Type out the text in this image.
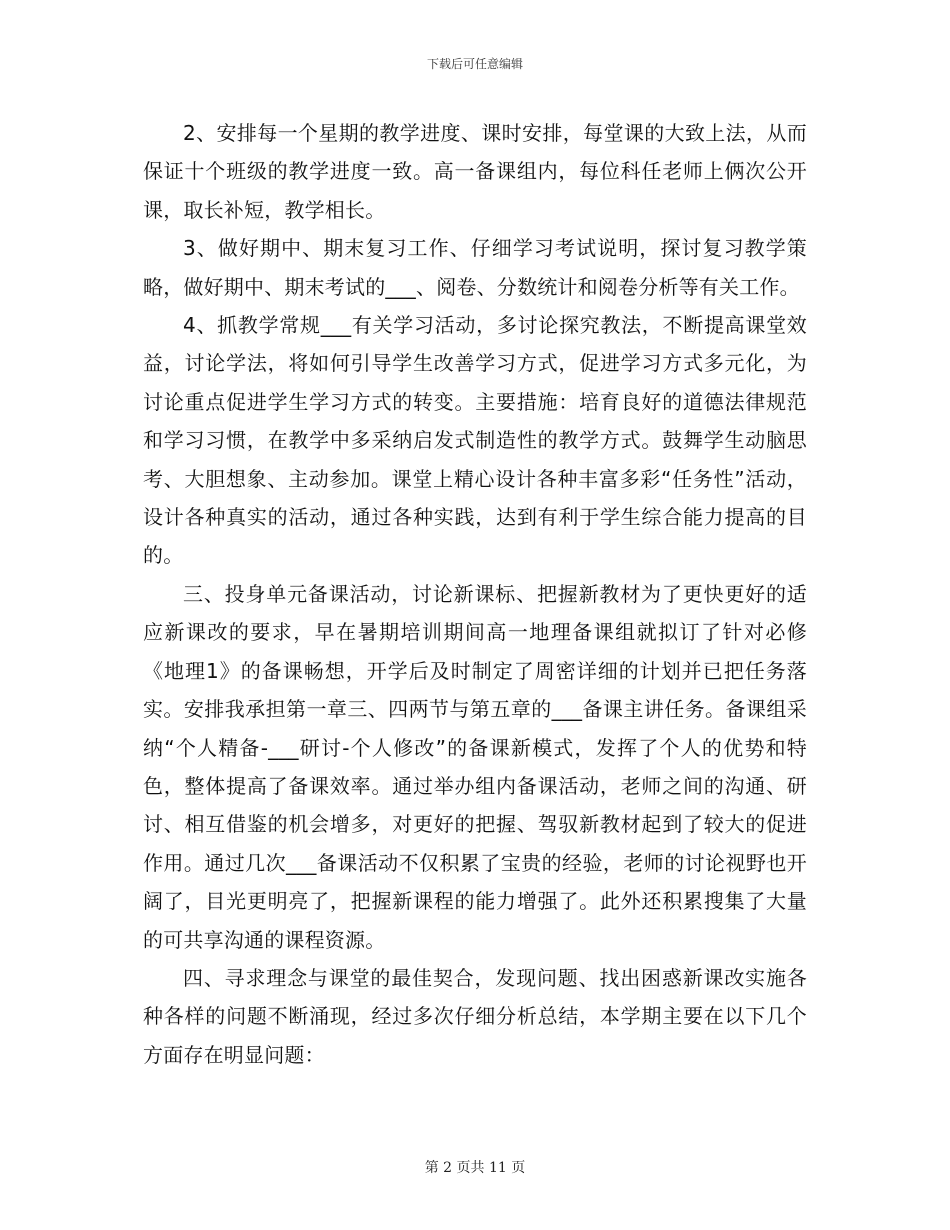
下载后可任意编辑

2、安排每一个星期的教学进度、课时安排，每堂课的大致上法，从而保证十个班级的教学进度一致。高一备课组内，每位科任老师上俩次公开课，取长补短，教学相长。

3、做好期中、期末复习工作、仔细学习考试说明，探讨复习教学策略，做好期中、期末考试的___、阅卷、分数统计和阅卷分析等有关工作。

4、抓教学常规___有关学习活动，多讨论探究教法，不断提高课堂效益，讨论学法，将如何引导学生改善学习方式，促进学习方式多元化，为讨论重点促进学生学习方式的转变。主要措施：培育良好的道德法律规范和学习习惯，在教学中多采纳启发式制造性的教学方式。鼓舞学生动脑思考、大胆想象、主动参加。课堂上精心设计各种丰富多彩“任务性”活动，设计各种真实的活动，通过各种实践，达到有利于学生综合能力提高的目的。

三、投身单元备课活动，讨论新课标、把握新教材为了更快更好的适应新课改的要求，早在暑期培训期间高一地理备课组就拟订了针对必修《地理1》的备课畅想，开学后及时制定了周密详细的计划并已把任务落实。安排我承担第一章三、四两节与第五章的___备课主讲任务。备课组采纳“个人精备-___研讨-个人修改”的备课新模式，发挥了个人的优势和特色，整体提高了备课效率。通过举办组内备课活动，老师之间的沟通、研讨、相互借鉴的机会增多，对更好的把握、驾驭新教材起到了较大的促进作用。通过几次___备课活动不仅积累了宝贵的经验，老师的讨论视野也开阔了，目光更明亮了，把握新课程的能力增强了。此外还积累搜集了大量的可共享沟通的课程资源。

四、寻求理念与课堂的最佳契合，发现问题、找出困惑新课改实施各种各样的问题不断涌现，经过多次仔细分析总结，本学期主要在以下几个方面存在明显问题：

第 2 页共 11 页
